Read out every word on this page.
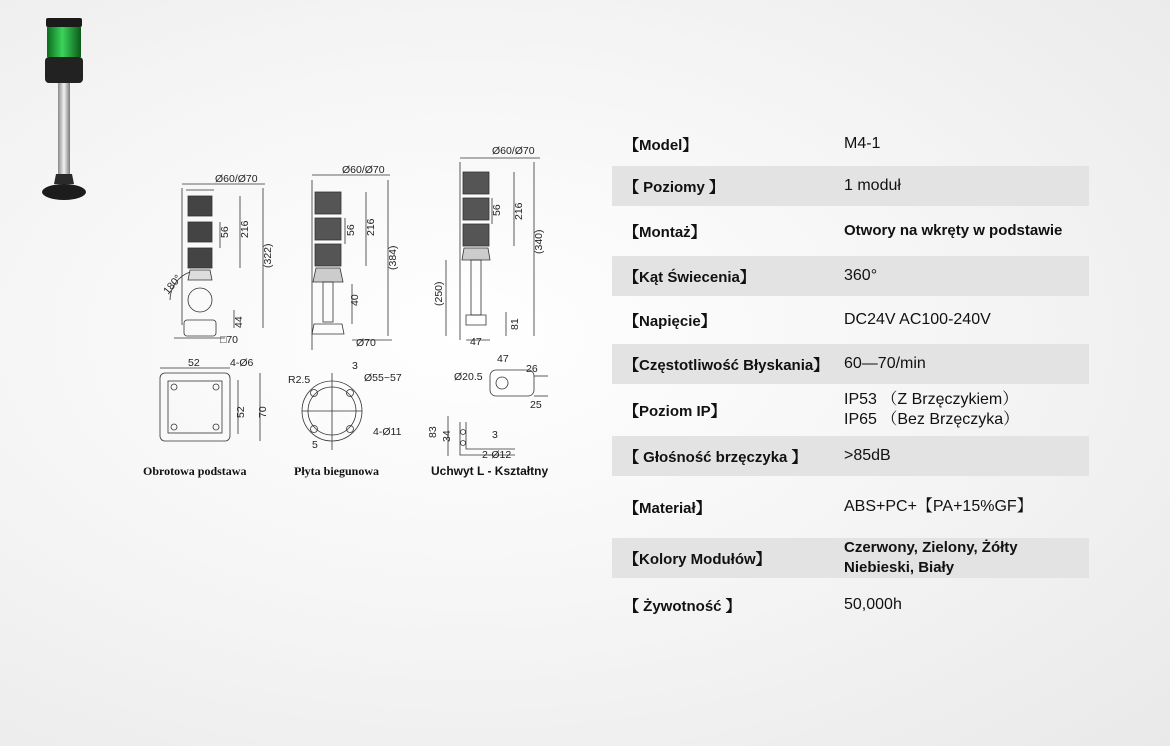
Ø60/Ø70
56 216
(322)
180°
44
□70
Ø60/Ø70
56 216
(384)
40
Ø70
Ø60/Ø70
56 216
(340)
(250)
81
47
52	4-Ø6
52 70
R2.5
3
Ø55~57
4-Ø11
5
Ø20.5
47
26
25
83 34	3
2-Ø12
Obrotowa podstawa	Płyta biegunowa	Uchwyt L - Kształtny
【Model】	M4-1
【 Poziomy 】	1 moduł
【Montaż】	Otwory na wkręty w podstawie
【Kąt Świecenia】	360°
【Napięcie】	DC24V AC100-240V
【Częstotliwość Błyskania】 60—70/min
【Poziom IP】
IP53 （Z Brzęczykiem）
IP65 （Bez Brzęczyka）
【 Głośność brzęczyka 】	>85dB
【Materiał】	ABS+PC+【PA+15%GF】
【Kolory Modułów】
Czerwony, Zielony, Żółty
Niebieski, Biały
【 Żywotność 】	50,000h
